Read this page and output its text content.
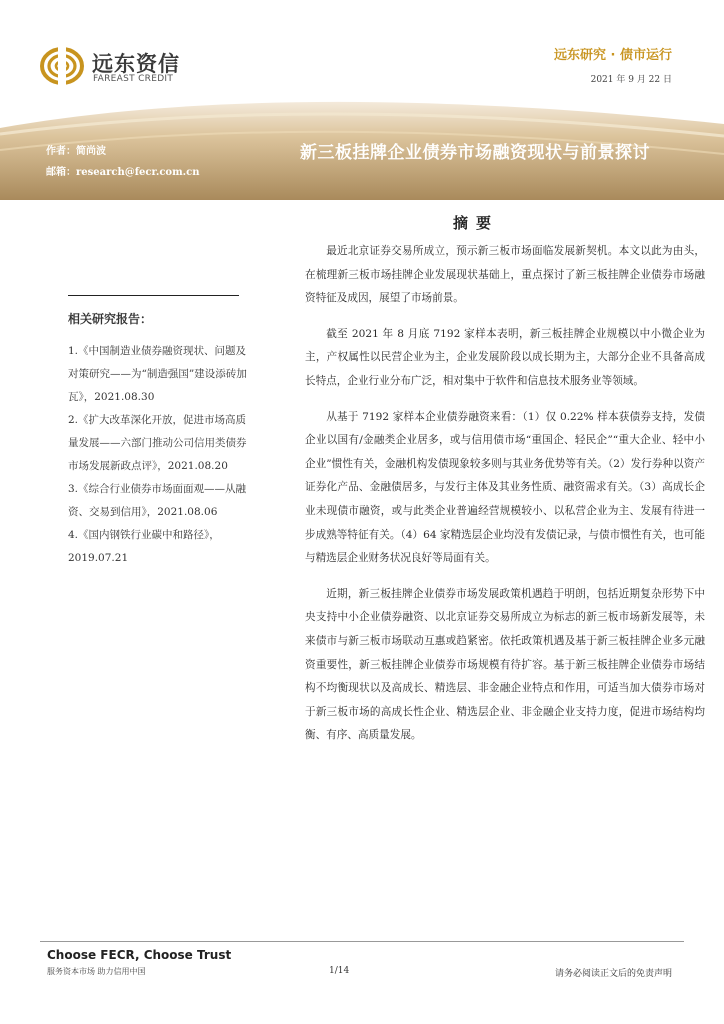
远东资信
FAREAST CREDIT
远东研究 · 债市运行
2021 年 9 月 22 日
作者：简尚波
邮箱：research@fecr.com.cn
新三板挂牌企业债券市场融资现状与前景探讨
相关研究报告：
1.《中国制造业债券融资现状、问题及对策研究——为“制造强国”建设添砖加瓦》，2021.08.30
2.《扩大改革深化开放，促进市场高质量发展——六部门推动公司信用类债券市场发展新政点评》，2021.08.20
3.《综合行业债券市场面面观——从融资、交易到信用》，2021.08.06
4.《国内钢铁行业碳中和路径》，2019.07.21
摘要

最近北京证券交易所成立，预示新三板市场面临发展新契机。本文以此为由头，在梳理新三板市场挂牌企业发展现状基础上，重点探讨了新三板挂牌企业债券市场融资特征及成因，展望了市场前景。

截至 2021 年 8 月底 7192 家样本表明，新三板挂牌企业规模以中小微企业为主，产权属性以民营企业为主，企业发展阶段以成长期为主，大部分企业不具备高成长特点，企业行业分布广泛，相对集中于软件和信息技术服务业等领域。

从基于 7192 家样本企业债券融资来看：（1）仅 0.22% 样本获债券支持，发债企业以国有/金融类企业居多，或与信用债市场“重国企、轻民企”“重大企业、轻中小企业”惯性有关，金融机构发债现象较多则与其业务优势等有关。（2）发行券种以资产证券化产品、金融债居多，与发行主体及其业务性质、融资需求有关。（3）高成长企业未现债市融资，或与此类企业普遍经营规模较小、以私营企业为主、发展有待进一步成熟等特征有关。（4）64 家精选层企业均没有发债记录，与债市惯性有关，也可能与精选层企业财务状况良好等局面有关。

近期，新三板挂牌企业债券市场发展政策机遇趋于明朗，包括近期复杂形势下中央支持中小企业债券融资、以北京证券交易所成立为标志的新三板市场新发展等，未来债市与新三板市场联动互惠或趋紧密。依托政策机遇及基于新三板挂牌企业多元融资重要性，新三板挂牌企业债券市场规模有待扩容。基于新三板挂牌企业债券市场结构不均衡现状以及高成长、精选层、非金融企业特点和作用，可适当加大债券市场对于新三板市场的高成长性企业、精选层企业、非金融企业支持力度，促进市场结构均衡、有序、高质量发展。

Choose FECR, Choose Trust
服务资本市场 助力信用中国	1/14	请务必阅读正文后的免责声明
